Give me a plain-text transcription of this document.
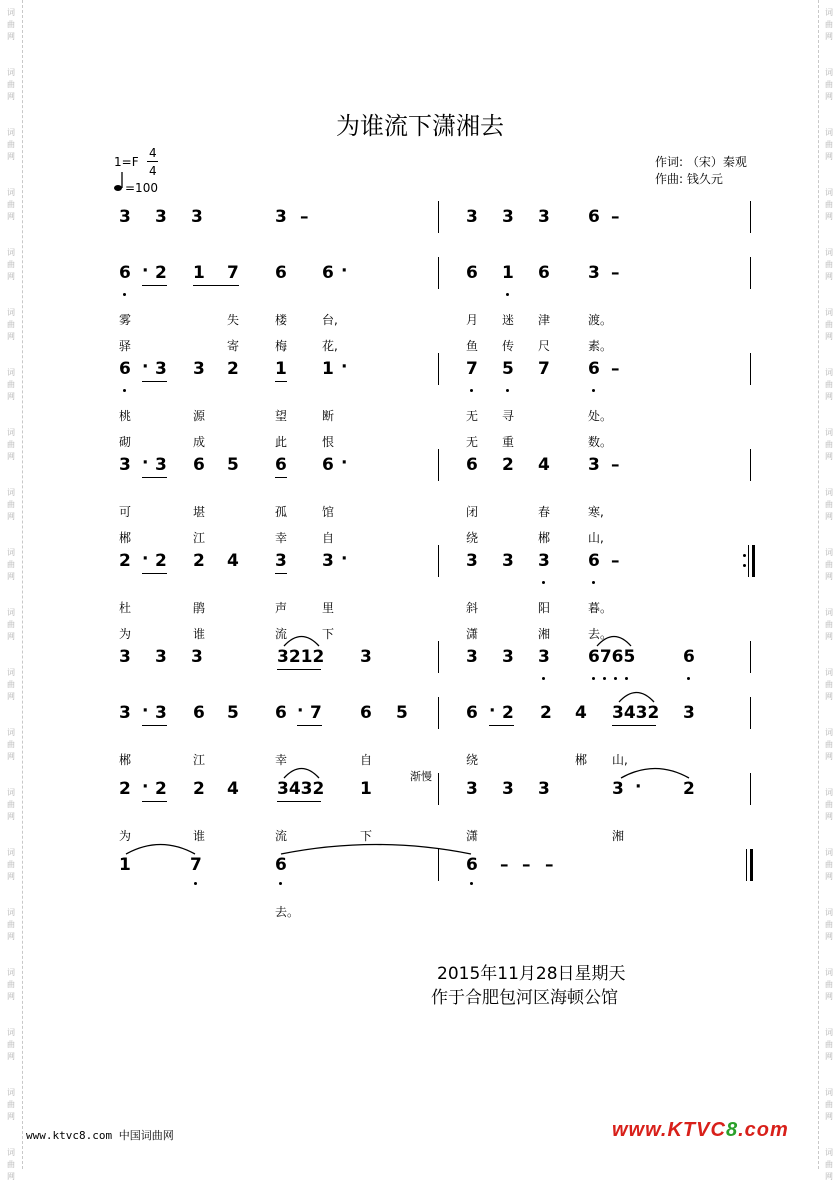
词
曲
网
词
曲
网
词
曲
网
词
曲
网
词
曲
网
词
曲
网
词
曲
网
词
曲
网
词
曲
网
词
曲
网
词
曲
网
词
曲
网
词
曲
网
词
曲
网
词
曲
网
词
曲
网
词
曲
网
词
曲
网
词
曲
网
词
曲
网
词
曲
网
词
曲
网
词
曲
网
词
曲
网
词
曲
网
词
曲
网
词
曲
网
词
曲
网
词
曲
网
词
曲
网
词
曲
网
词
曲
网
词
曲
网
词
曲
网
词
曲
网
词
曲
网
词
曲
网
词
曲
网
词
曲
网
词
曲
网
为谁流下潇湘去
1=F
4
4
=100
作词: （宋）秦观
作曲: 钱久元
3 3 3	3 –	3 3 3 6 –
6 · 2 1 7 6 6 ·	6 1 6 3 –
雾	失	楼	台,	月 迷 津	渡。
驿	寄	梅	花,	鱼 传 尺	素。
6 · 3 3 2 1 1 ·	7 5 7 6 –
桃	源	望	断	无 寻	处。
砌	成	此	恨	无 重	数。
3 · 3 6 5 6 6 ·	6 2 4 3 –
可	堪	孤	馆	闭	春	寒,
郴	江	幸	自	绕	郴	山,
2 · 2 2 4 3 3 ·	3 3 3 6 –
杜	鹃	声	里	斜	阳	暮。
为	谁	流	下	潇	湘	去。
3 3 3	3212 3	3 3 3 6765	6
3 · 3 6 5 6 · 7 6 5	6 · 2 2 4 3432 3
郴	江	幸	自	绕	郴 山,
2 · 2 2 4 3432 1	3 3 3	3 · 2
为	谁	流	下	潇	湘
1	7	6	6 – – –
去。
渐慢
2015年11月28日星期天
作于合肥包河区海顿公馆
www.ktvc8.com 中国词曲网	www.KTVC8.com
